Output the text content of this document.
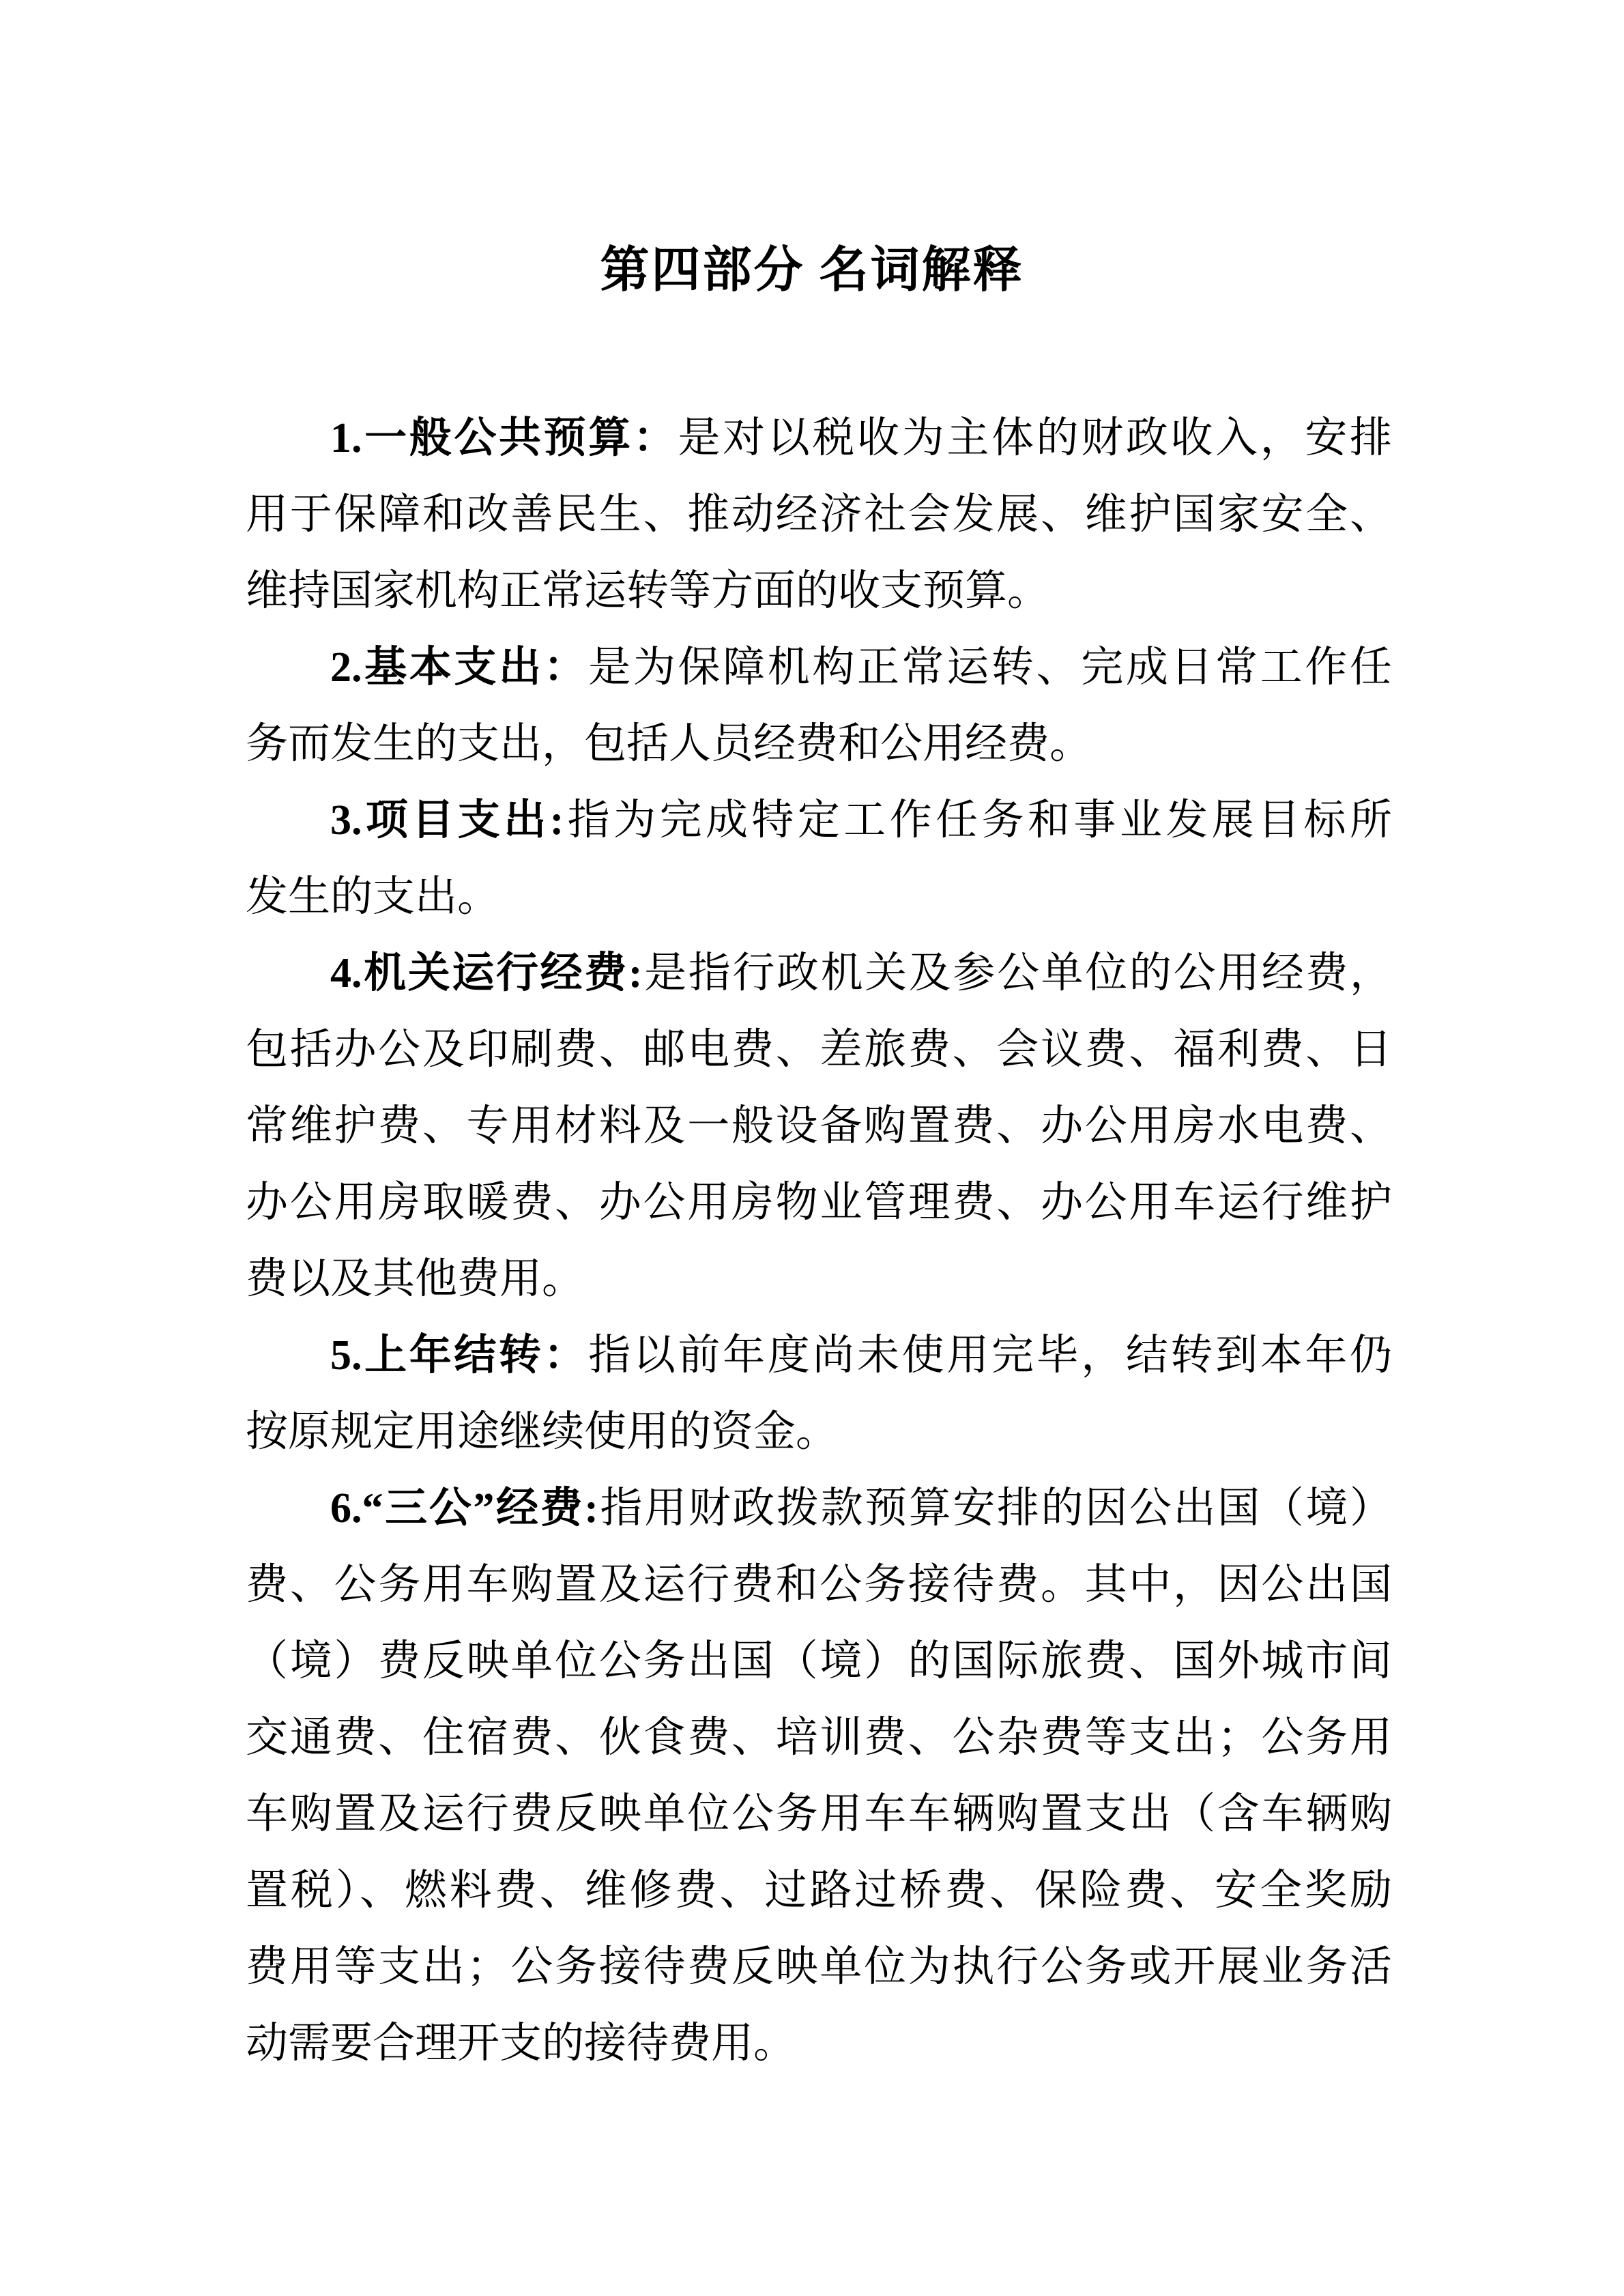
第四部分 名词解释
1.一般公共预算：是对以税收为主体的财政收入，安排
用于保障和改善民生、推动经济社会发展、维护国家安全、
维持国家机构正常运转等方面的收支预算。
2.基本支出：是为保障机构正常运转、完成日常工作任
务而发生的支出，包括人员经费和公用经费。
3.项目支出:指为完成特定工作任务和事业发展目标所
发生的支出。
4.机关运行经费:是指行政机关及参公单位的公用经费，
包括办公及印刷费、邮电费、差旅费、会议费、福利费、日
常维护费、专用材料及一般设备购置费、办公用房水电费、
办公用房取暖费、办公用房物业管理费、办公用车运行维护
费以及其他费用。
5.上年结转：指以前年度尚未使用完毕，结转到本年仍
按原规定用途继续使用的资金。
6.“三公”经费:指用财政拨款预算安排的因公出国（境）
费、公务用车购置及运行费和公务接待费。其中，因公出国
（境）费反映单位公务出国（境）的国际旅费、国外城市间
交通费、住宿费、伙食费、培训费、公杂费等支出；公务用
车购置及运行费反映单位公务用车车辆购置支出（含车辆购
置税）、燃料费、维修费、过路过桥费、保险费、安全奖励
费用等支出；公务接待费反映单位为执行公务或开展业务活
动需要合理开支的接待费用。
